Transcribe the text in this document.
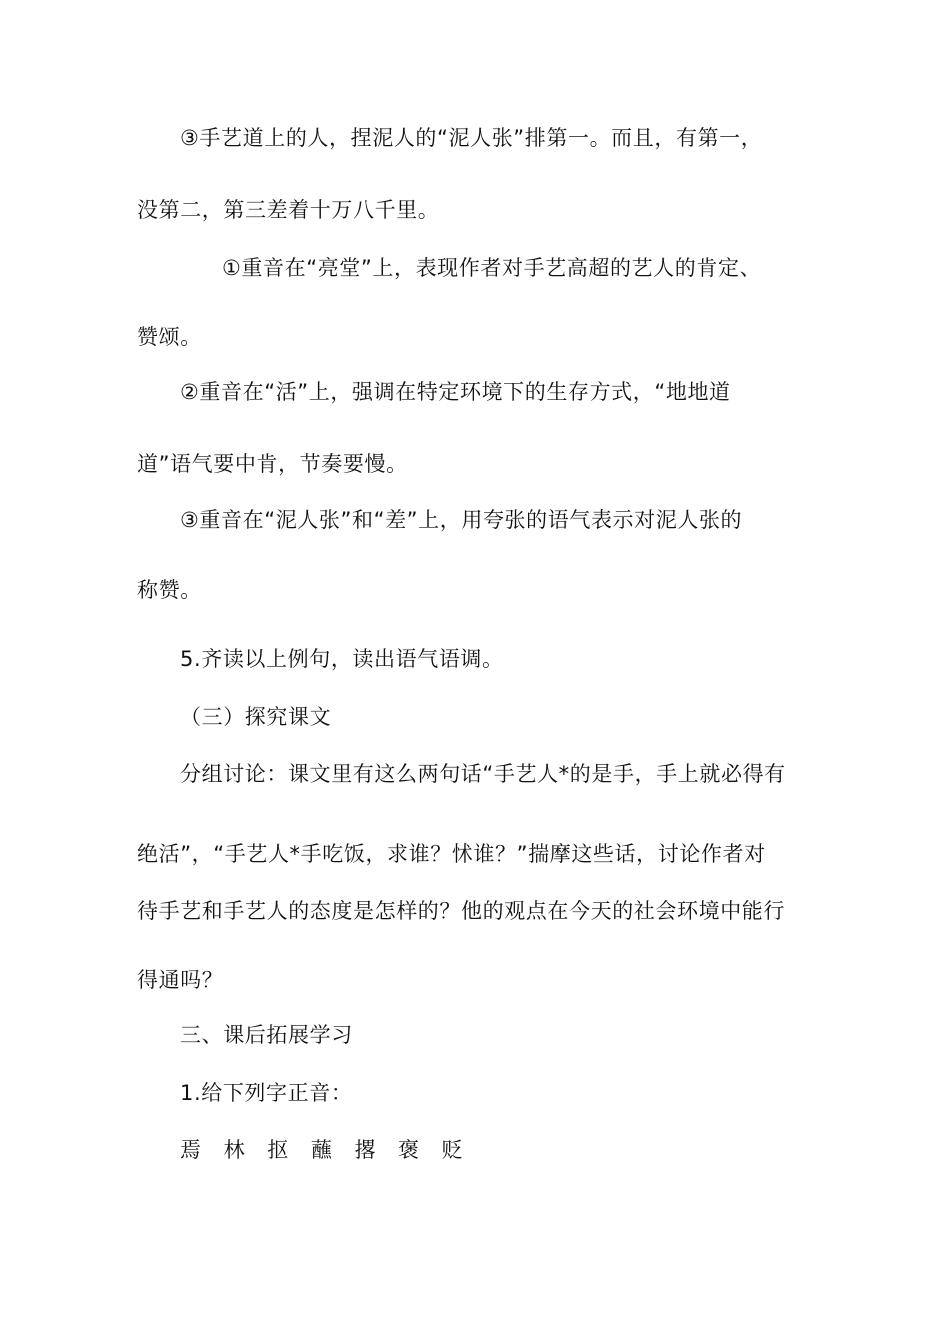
③手艺道上的人，捏泥人的“泥人张”排第一。而且，有第一，
没第二，第三差着十万八千里。
①重音在“亮堂”上，表现作者对手艺高超的艺人的肯定、
赞颂。
②重音在“活”上，强调在特定环境下的生存方式，“地地道
道”语气要中肯，节奏要慢。
③重音在“泥人张”和“差”上，用夸张的语气表示对泥人张的
称赞。
5.齐读以上例句，读出语气语调。
（三）探究课文
分组讨论：课文里有这么两句话“手艺人*的是手，手上就必得有
绝活”，“手艺人*手吃饭，求谁？怵谁？”揣摩这些话，讨论作者对
待手艺和手艺人的态度是怎样的？他的观点在今天的社会环境中能行
得通吗？
三、课后拓展学习
1.给下列字正音：
焉 林 抠 蘸 撂 褒 贬
